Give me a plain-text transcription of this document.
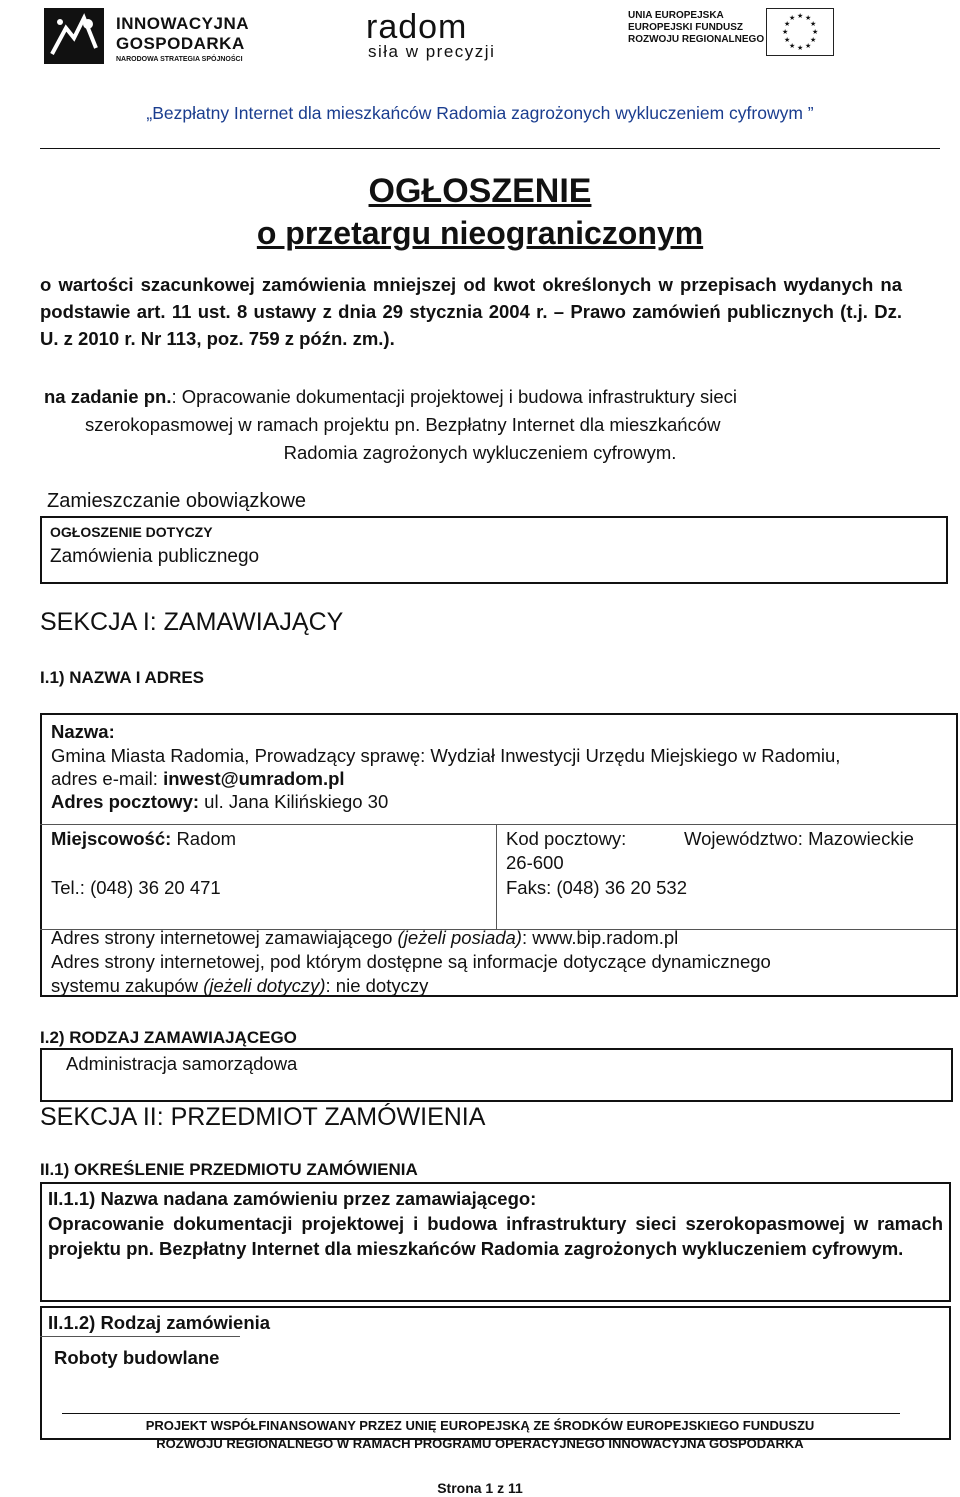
INNOWACYJNA
GOSPODARKA
NARODOWA STRATEGIA SPÓJNOŚCI
radom
siła w precyzji
UNIA EUROPEJSKA
EUROPEJSKI FUNDUSZ
ROZWOJU REGIONALNEGO
★ ★
★
★
★
★
★
★
★
★
★
★
„Bezpłatny Internet dla mieszkańców Radomia zagrożonych wykluczeniem cyfrowym ”
OGŁOSZENIE
o przetargu nieograniczonym
o wartości szacunkowej zamówienia mniejszej od kwot określonych w przepisach wydanych na podstawie art. 11 ust. 8 ustawy z dnia 29 stycznia 2004 r. – Prawo zamówień publicznych (t.j. Dz. U. z 2010 r. Nr 113, poz. 759 z późn. zm.).
na zadanie pn.: Opracowanie dokumentacji projektowej i budowa infrastruktury sieci
szerokopasmowej w ramach projektu pn. Bezpłatny Internet dla mieszkańców
Radomia zagrożonych wykluczeniem cyfrowym.
Zamieszczanie obowiązkowe
OGŁOSZENIE DOTYCZY
Zamówienia publicznego
SEKCJA I: ZAMAWIAJĄCY
I.1) NAZWA I ADRES
Nazwa:
Gmina Miasta Radomia, Prowadzący sprawę: Wydział Inwestycji Urzędu Miejskiego w Radomiu,
adres e-mail: inwest@umradom.pl
Adres pocztowy: ul. Jana Kilińskiego 30
Miejscowość: Radom	Kod pocztowy:
26-600
Województwo: Mazowieckie
Tel.: (048) 36 20 471	Faks: (048) 36 20 532
Adres strony internetowej zamawiającego (jeżeli posiada): www.bip.radom.pl
Adres strony internetowej, pod którym dostępne są informacje dotyczące dynamicznego
systemu zakupów (jeżeli dotyczy): nie dotyczy
I.2) RODZAJ ZAMAWIAJĄCEGO
Administracja samorządowa
SEKCJA II: PRZEDMIOT ZAMÓWIENIA
II.1) OKREŚLENIE PRZEDMIOTU ZAMÓWIENIA
II.1.1) Nazwa nadana zamówieniu przez zamawiającego:
Opracowanie dokumentacji projektowej i budowa infrastruktury sieci szerokopasmowej w ramach projektu pn. Bezpłatny Internet dla mieszkańców Radomia zagrożonych wykluczeniem cyfrowym.
II.1.2) Rodzaj zamówienia
Roboty budowlane
PROJEKT WSPÓŁFINANSOWANY PRZEZ UNIĘ EUROPEJSKĄ ZE ŚRODKÓW EUROPEJSKIEGO FUNDUSZU
ROZWOJU REGIONALNEGO W RAMACH PROGRAMU OPERACYJNEGO INNOWACYJNA GOSPODARKA
Strona 1 z 11
